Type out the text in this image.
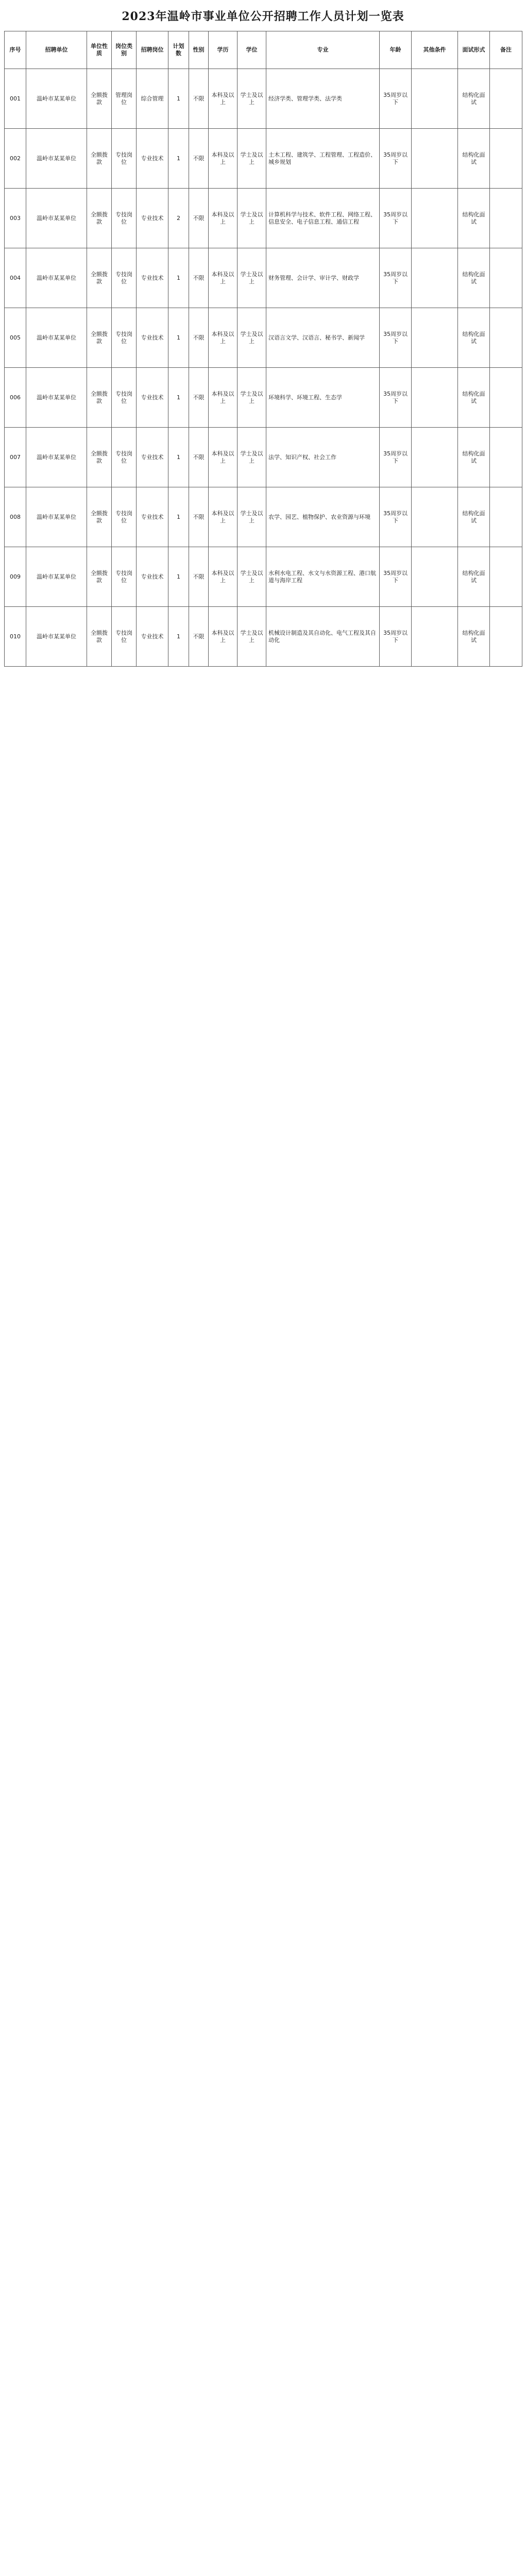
2023年温岭市事业单位公开招聘工作人员计划一览表
序号	招聘单位	单位性质	岗位类别	招聘岗位	计划数	性别	学历	学位	专业	年龄	其他条件	面试形式	备注
001	温岭市某某单位	全额拨款	管理岗位	综合管理	1	不限	本科及以上	学士及以上	经济学类、管理学类、法学类	35周岁以下		结构化面试	
002	温岭市某某单位	全额拨款	专技岗位	专业技术	1	不限	本科及以上	学士及以上	土木工程、建筑学、工程管理、工程造价、城乡规划	35周岁以下		结构化面试	
003	温岭市某某单位	全额拨款	专技岗位	专业技术	2	不限	本科及以上	学士及以上	计算机科学与技术、软件工程、网络工程、信息安全、电子信息工程、通信工程	35周岁以下		结构化面试	
004	温岭市某某单位	全额拨款	专技岗位	专业技术	1	不限	本科及以上	学士及以上	财务管理、会计学、审计学、财政学	35周岁以下		结构化面试	
005	温岭市某某单位	全额拨款	专技岗位	专业技术	1	不限	本科及以上	学士及以上	汉语言文学、汉语言、秘书学、新闻学	35周岁以下		结构化面试	
006	温岭市某某单位	全额拨款	专技岗位	专业技术	1	不限	本科及以上	学士及以上	环境科学、环境工程、生态学	35周岁以下		结构化面试	
007	温岭市某某单位	全额拨款	专技岗位	专业技术	1	不限	本科及以上	学士及以上	法学、知识产权、社会工作	35周岁以下		结构化面试	
008	温岭市某某单位	全额拨款	专技岗位	专业技术	1	不限	本科及以上	学士及以上	农学、园艺、植物保护、农业资源与环境	35周岁以下		结构化面试	
009	温岭市某某单位	全额拨款	专技岗位	专业技术	1	不限	本科及以上	学士及以上	水利水电工程、水文与水资源工程、港口航道与海岸工程	35周岁以下		结构化面试	
010	温岭市某某单位	全额拨款	专技岗位	专业技术	1	不限	本科及以上	学士及以上	机械设计制造及其自动化、电气工程及其自动化	35周岁以下		结构化面试	
